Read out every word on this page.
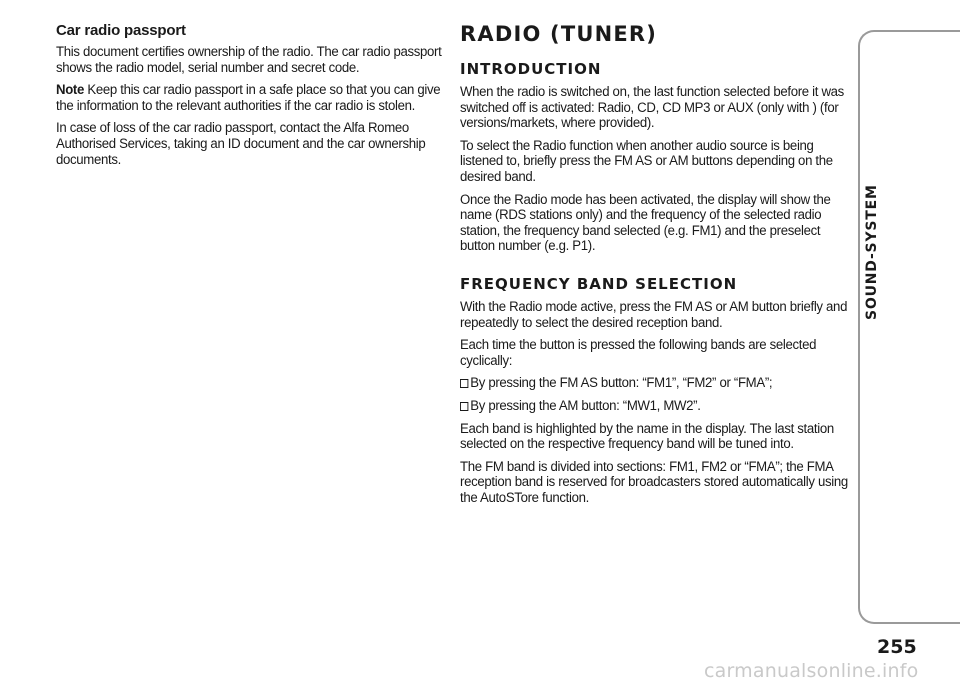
Car radio passport

This document certifies ownership of the radio. The car radio passport shows the radio model, serial number and secret code.

Note Keep this car radio passport in a safe place so that you can give the information to the relevant authorities if the car radio is stolen.

In case of loss of the car radio passport, contact the Alfa Romeo Authorised Services, taking an ID document and the car ownership documents.

RADIO (TUNER)
INTRODUCTION

When the radio is switched on, the last function selected before it was switched off is activated: Radio, CD, CD MP3 or AUX (only with ) (for versions/markets, where provided).

To select the Radio function when another audio source is being listened to, briefly press the FM AS or AM buttons depending on the desired band.

Once the Radio mode has been activated, the display will show the name (RDS stations only) and the frequency of the selected radio station, the frequency band selected (e.g. FM1) and the preselect button number (e.g. P1).

FREQUENCY BAND SELECTION

With the Radio mode active, press the FM AS or AM button briefly and repeatedly to select the desired reception band.

Each time the button is pressed the following bands are selected cyclically:

By pressing the FM AS button: “FM1”, “FM2” or “FMA”;

By pressing the AM button: “MW1, MW2”.

Each band is highlighted by the name in the display. The last station selected on the respective frequency band will be tuned into.

The FM band is divided into sections: FM1, FM2 or “FMA”; the FMA reception band is reserved for broadcasters stored automatically using the AutoSTore function.

255
carmanualsonline.info
